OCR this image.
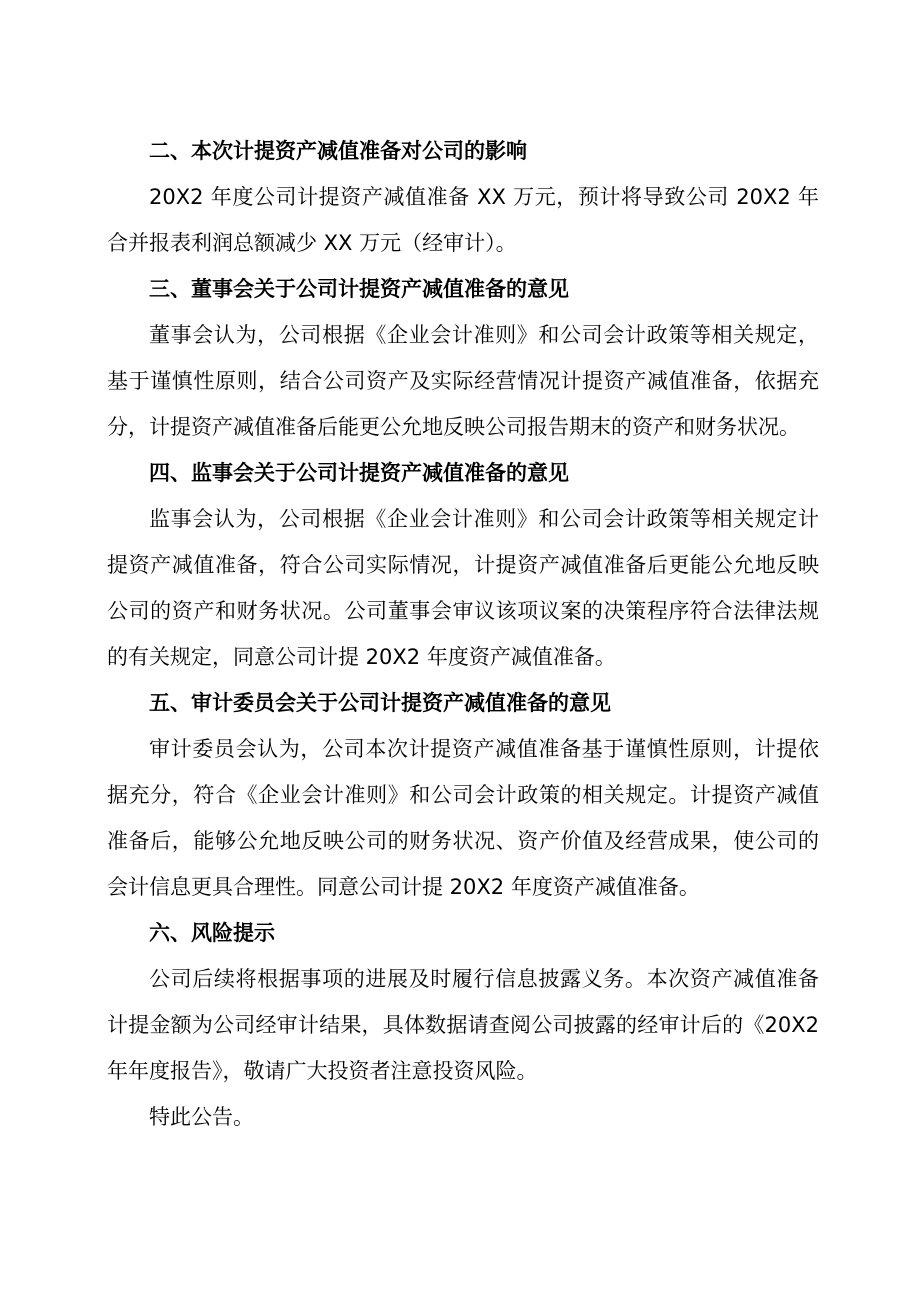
二、本次计提资产减值准备对公司的影响

20X2 年度公司计提资产减值准备 XX 万元，预计将导致公司 20X2 年合并报表利润总额减少 XX 万元（经审计）。

三、董事会关于公司计提资产减值准备的意见

董事会认为，公司根据《企业会计准则》和公司会计政策等相关规定，基于谨慎性原则，结合公司资产及实际经营情况计提资产减值准备，依据充分，计提资产减值准备后能更公允地反映公司报告期末的资产和财务状况。

四、监事会关于公司计提资产减值准备的意见

监事会认为，公司根据《企业会计准则》和公司会计政策等相关规定计提资产减值准备，符合公司实际情况，计提资产减值准备后更能公允地反映公司的资产和财务状况。公司董事会审议该项议案的决策程序符合法律法规的有关规定，同意公司计提 20X2 年度资产减值准备。

五、审计委员会关于公司计提资产减值准备的意见

审计委员会认为，公司本次计提资产减值准备基于谨慎性原则，计提依据充分，符合《企业会计准则》和公司会计政策的相关规定。计提资产减值准备后，能够公允地反映公司的财务状况、资产价值及经营成果，使公司的会计信息更具合理性。同意公司计提 20X2 年度资产减值准备。

六、风险提示

公司后续将根据事项的进展及时履行信息披露义务。本次资产减值准备计提金额为公司经审计结果，具体数据请查阅公司披露的经审计后的《20X2 年年度报告》，敬请广大投资者注意投资风险。

特此公告。
